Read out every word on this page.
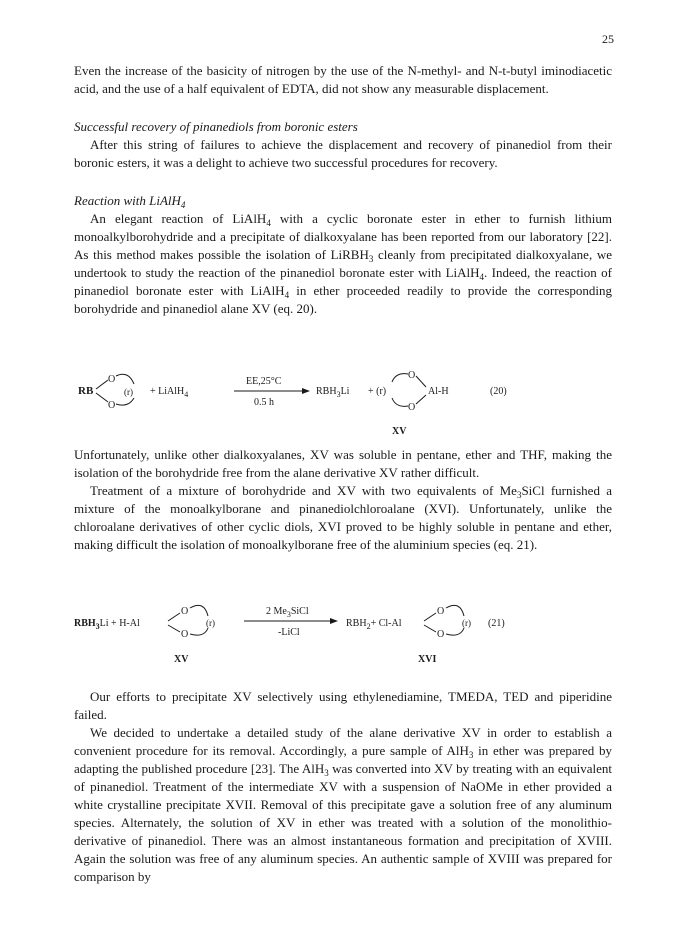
25

Even the increase of the basicity of nitrogen by the use of the N-methyl- and N-t-butyl iminodiacetic acid, and the use of a half equivalent of EDTA, did not show any measurable displacement.

Successful recovery of pinanediols from boronic esters

After this string of failures to achieve the displacement and recovery of pinanediol from their boronic esters, it was a delight to achieve two successful procedures for recovery.

Reaction with LiAlH$_4$

An elegant reaction of LiAlH$_4$ with a cyclic boronate ester in ether to furnish lithium monoalkylborohydride and a precipitate of dialkoxyalane has been reported from our laboratory [22]. As this method makes possible the isolation of LiRBH$_3$ cleanly from precipitated dialkoxyalane, we undertook to study the reaction of the pinanediol boronate ester with LiAlH$_4$. Indeed, the reaction of pinanediol boronate ester with LiAlH$_4$ in ether proceeded readily to provide the corresponding borohydride and pinanediol alane XV (eq. 20).

RB
O
O
(r) + LiAlH$_4$
EE,25°C
0.5 h
$RBH_3Li + (r)$
O
O
Al-H	(20)
XV

Unfortunately, unlike other dialkoxyalanes, XV was soluble in pentane, ether and THF, making the isolation of the borohydride free from the alane derivative XV rather difficult.

Treatment of a mixture of borohydride and XV with two equivalents of $Me_3SiCl$ furnished a mixture of the monoalkylborane and pinanediolchloroalane (XVI). Unfortunately, unlike the chloroalane derivatives of other cyclic diols, XVI proved to be highly soluble in pentane and ether, making difficult the isolation of monoalkylborane free of the aluminium species (eq. 21).

$RBH_3Li + H-Al$
O
O
(r)
2 $Me_3SiCl$
-LiCl
$RBH_2+ Cl-Al$
O
O
(r) (21)
XV	XVI

Our efforts to precipitate XV selectively using ethylenediamine, TMEDA, TED and piperidine failed.

We decided to undertake a detailed study of the alane derivative XV in order to establish a convenient procedure for its removal. Accordingly, a pure sample of AlH$_3$ in ether was prepared by adapting the published procedure [23]. The AlH$_3$ was converted into XV by treating with an equivalent of pinanediol. Treatment of the intermediate XV with a suspension of NaOMe in ether provided a white crystalline precipitate XVII. Removal of this precipitate gave a solution free of any aluminum species. Alternately, the solution of XV in ether was treated with a solution of the monolithio-derivative of pinanediol. There was an almost instantaneous formation and precipitation of XVIII. Again the solution was free of any aluminum species. An authentic sample of XVIII was prepared for comparison by
